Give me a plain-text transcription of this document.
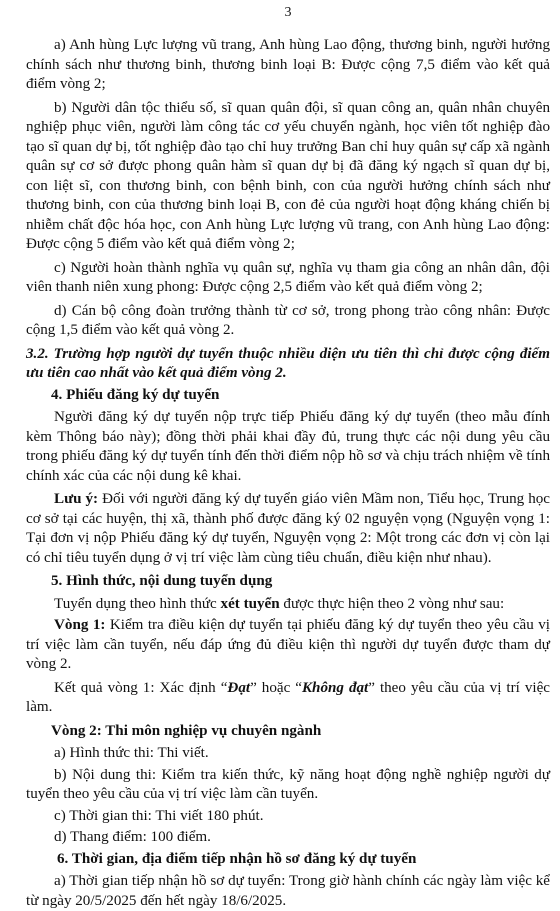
3

a) Anh hùng Lực lượng vũ trang, Anh hùng Lao động, thương binh, người hưởng chính sách như thương binh, thương binh loại B: Được cộng 7,5 điểm vào kết quả điểm vòng 2;

b) Người dân tộc thiểu số, sĩ quan quân đội, sĩ quan công an, quân nhân chuyên nghiệp phục viên, người làm công tác cơ yếu chuyển ngành, học viên tốt nghiệp đào tạo sĩ quan dự bị, tốt nghiệp đào tạo chỉ huy trưởng Ban chỉ huy quân sự cấp xã ngành quân sự cơ sở được phong quân hàm sĩ quan dự bị đã đăng ký ngạch sĩ quan dự bị, con liệt sĩ, con thương binh, con bệnh binh, con của người hưởng chính sách như thương binh, con của thương binh loại B, con đẻ của người hoạt động kháng chiến bị nhiễm chất độc hóa học, con Anh hùng Lực lượng vũ trang, con Anh hùng Lao động: Được cộng 5 điểm vào kết quả điểm vòng 2;

c) Người hoàn thành nghĩa vụ quân sự, nghĩa vụ tham gia công an nhân dân, đội viên thanh niên xung phong: Được cộng 2,5 điểm vào kết quả điểm vòng 2;

d) Cán bộ công đoàn trưởng thành từ cơ sở, trong phong trào công nhân: Được cộng 1,5 điểm vào kết quả vòng 2.

3.2. Trường hợp người dự tuyển thuộc nhiều diện ưu tiên thì chỉ được cộng điểm ưu tiên cao nhất vào kết quả điểm vòng 2.

4. Phiếu đăng ký dự tuyển

Người đăng ký dự tuyển nộp trực tiếp Phiếu đăng ký dự tuyển (theo mẫu đính kèm Thông báo này); đồng thời phải khai đầy đủ, trung thực các nội dung yêu cầu trong phiếu đăng ký dự tuyển tính đến thời điểm nộp hồ sơ và chịu trách nhiệm về tính chính xác của các nội dung kê khai.

Lưu ý: Đối với người đăng ký dự tuyển giáo viên Mầm non, Tiểu học, Trung học cơ sở tại các huyện, thị xã, thành phố được đăng ký 02 nguyện vọng (Nguyện vọng 1: Tại đơn vị nộp Phiếu đăng ký dự tuyển, Nguyện vọng 2: Một trong các đơn vị còn lại có chỉ tiêu tuyển dụng ở vị trí việc làm cùng tiêu chuẩn, điều kiện như nhau).

5. Hình thức, nội dung tuyển dụng

Tuyển dụng theo hình thức xét tuyển được thực hiện theo 2 vòng như sau:

Vòng 1: Kiểm tra điều kiện dự tuyển tại phiếu đăng ký dự tuyển theo yêu cầu vị trí việc làm cần tuyển, nếu đáp ứng đủ điều kiện thì người dự tuyển được tham dự vòng 2.

Kết quả vòng 1: Xác định “Đạt” hoặc “Không đạt” theo yêu cầu của vị trí việc làm.

Vòng 2: Thi môn nghiệp vụ chuyên ngành

a) Hình thức thi: Thi viết.

b) Nội dung thi: Kiểm tra kiến thức, kỹ năng hoạt động nghề nghiệp người dự tuyển theo yêu cầu của vị trí việc làm cần tuyển.

c) Thời gian thi: Thi viết 180 phút.

d) Thang điểm: 100 điểm.

6. Thời gian, địa điểm tiếp nhận hồ sơ đăng ký dự tuyển

a) Thời gian tiếp nhận hồ sơ dự tuyển: Trong giờ hành chính các ngày làm việc kể từ ngày 20/5/2025 đến hết ngày 18/6/2025.
